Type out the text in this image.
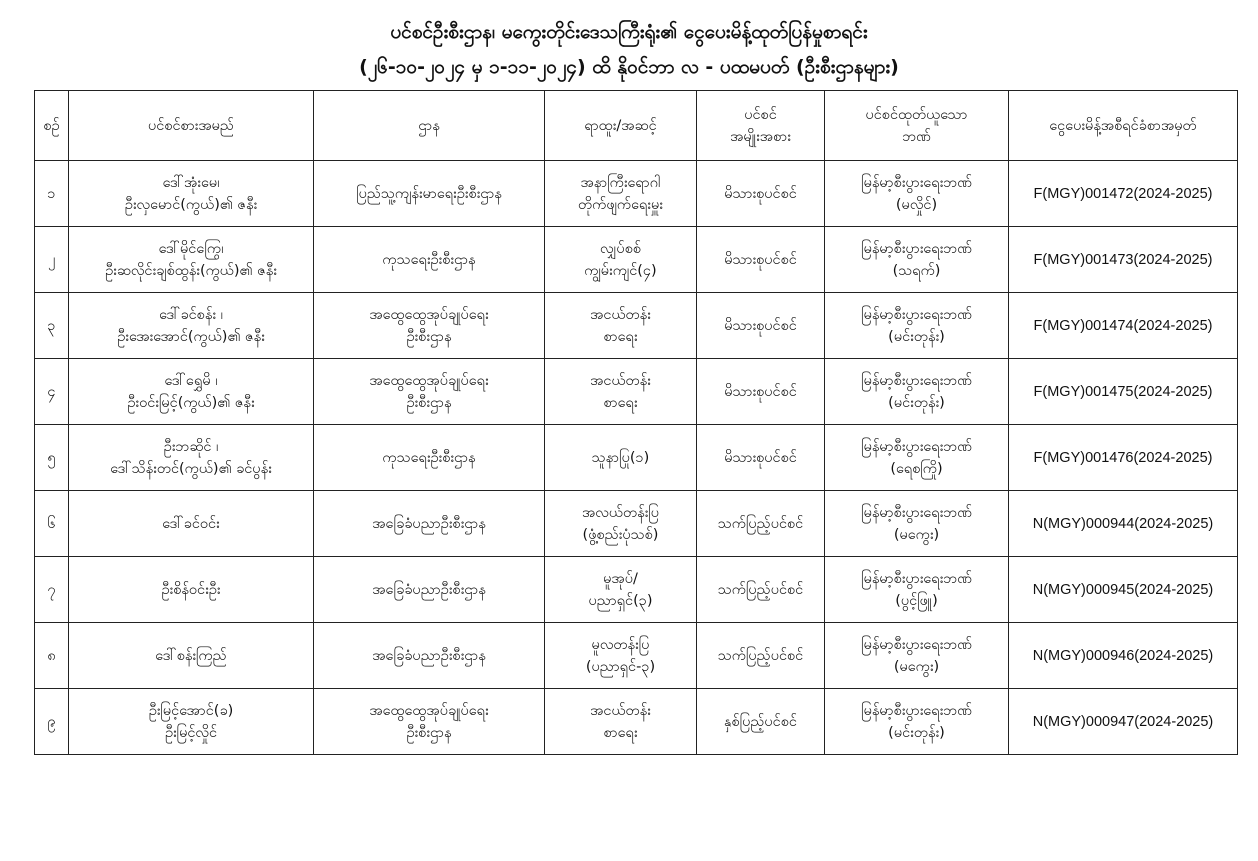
ပင်စင်ဦးစီးဌာန၊ မကွေးတိုင်းဒေသကြီးရုံး၏ ငွေပေးမိန့်ထုတ်ပြန်မှုစာရင်း
(၂၆-၁၀-၂၀၂၄ မှ ၁-၁၁-၂၀၂၄) ထိ နိုဝင်ဘာ လ - ပထမပတ် (ဦးစီးဌာနများ)
စဉ်	ပင်စင်စားအမည်	ဌာန	ရာထူး/အဆင့်	ပင်စင်
အမျိုးအစား	ပင်စင်ထုတ်ယူသော
ဘဏ်	ငွေပေးမိန့်အစီရင်ခံစာအမှတ်

၁	ဒေါ်အုံးမေ၊
ဦးလှမောင်(ကွယ်)၏ ဇနီး	ပြည်သူ့ကျန်းမာရေးဦးစီးဌာန	အနာကြီးရောဂါ
တိုက်ဖျက်ရေးမှူး	မိသားစုပင်စင်	မြန်မာ့စီးပွားရေးဘဏ်
(မလှိုင်)	F(MGY)001472(2024-2025)
၂	ဒေါ်မိုင်ကြွေ၊
ဦးဆလိုင်းချစ်ထွန်း(ကွယ်)၏ ဇနီး	ကုသရေးဦးစီးဌာန	လျှပ်စစ်
ကျွမ်းကျင်(၄)	မိသားစုပင်စင်	မြန်မာ့စီးပွားရေးဘဏ်
(သရက်)	F(MGY)001473(2024-2025)
၃	ဒေါ်ခင်စန်း ၊
ဦးအေးအောင်(ကွယ်)၏ ဇနီး	အထွေထွေအုပ်ချုပ်ရေး
ဦးစီးဌာန	အငယ်တန်း
စာရေး	မိသားစုပင်စင်	မြန်မာ့စီးပွားရေးဘဏ်
(မင်းတုန်း)	F(MGY)001474(2024-2025)
၄	ဒေါ်ရွှေမိ ၊
ဦးဝင်းမြင့်(ကွယ်)၏ ဇနီး	အထွေထွေအုပ်ချုပ်ရေး
ဦးစီးဌာန	အငယ်တန်း
စာရေး	မိသားစုပင်စင်	မြန်မာ့စီးပွားရေးဘဏ်
(မင်းတုန်း)	F(MGY)001475(2024-2025)
၅	ဦးဘဆိုင် ၊
ဒေါ်သိန်းတင်(ကွယ်)၏ ခင်ပွန်း	ကုသရေးဦးစီးဌာန	သူနာပြု(၁)	မိသားစုပင်စင်	မြန်မာ့စီးပွားရေးဘဏ်
(ရေစကြို)	F(MGY)001476(2024-2025)
၆	ဒေါ်ခင်ဝင်း	အခြေခံပညာဦးစီးဌာန	အလယ်တန်းပြ
(ဖွံ့စည်းပုံသစ်)	သက်ပြည့်ပင်စင်	မြန်မာ့စီးပွားရေးဘဏ်
(မကွေး)	N(MGY)000944(2024-2025)
၇	ဦးစိန်ဝင်းဦး	အခြေခံပညာဦးစီးဌာန	မူအုပ်/
ပညာရှင်(၃)	သက်ပြည့်ပင်စင်	မြန်မာ့စီးပွားရေးဘဏ်
(ပွင့်ဖြူ)	N(MGY)000945(2024-2025)
၈	ဒေါ်စန်းကြည်	အခြေခံပညာဦးစီးဌာန	မူလတန်းပြ
(ပညာရှင်-၃)	သက်ပြည့်ပင်စင်	မြန်မာ့စီးပွားရေးဘဏ်
(မကွေး)	N(MGY)000946(2024-2025)
၉	ဦးမြင့်အောင်(ခ)
ဦးမြင့်လှိုင်	အထွေထွေအုပ်ချုပ်ရေး
ဦးစီးဌာန	အငယ်တန်း
စာရေး	နှစ်ပြည့်ပင်စင်	မြန်မာ့စီးပွားရေးဘဏ်
(မင်းတုန်း)	N(MGY)000947(2024-2025)
